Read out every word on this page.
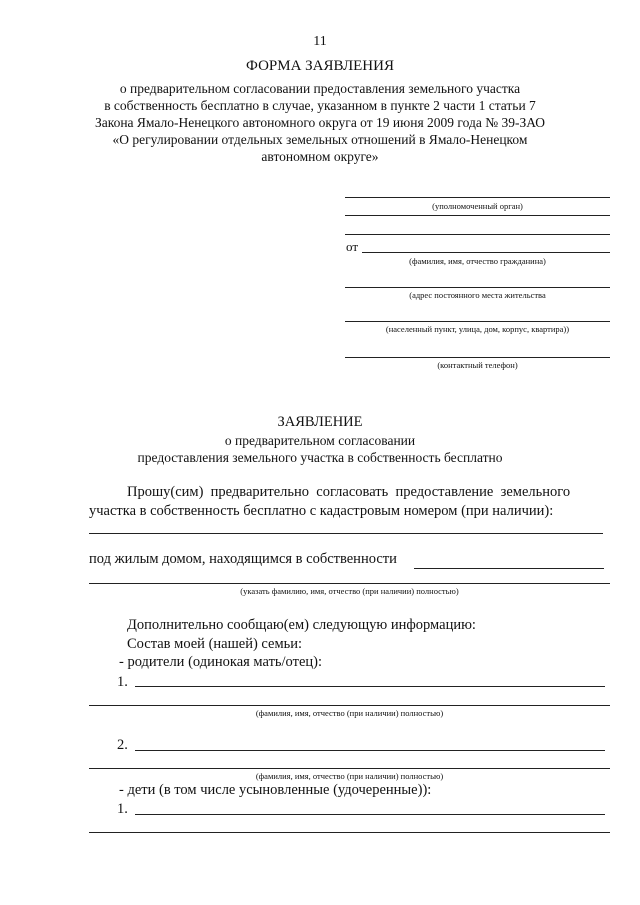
11
ФОРМА ЗАЯВЛЕНИЯ
о предварительном согласовании предоставления земельного участка
в собственность бесплатно в случае, указанном в пункте 2 части 1 статьи 7
Закона Ямало-Ненецкого автономного округа от 19 июня 2009 года № 39-ЗАО
«О регулировании отдельных земельных отношений в Ямало-Ненецком
автономном округе»
(уполномоченный орган)
от
(фамилия, имя, отчество гражданина)
(адрес постоянного места жительства
(населенный пункт, улица, дом, корпус, квартира))
(контактный телефон)
ЗАЯВЛЕНИЕ
о предварительном согласовании
предоставления земельного участка в собственность бесплатно
Прошу(сим)  предварительно  согласовать  предоставление  земельного
участка в собственность бесплатно с кадастровым номером (при наличии):
под жилым домом, находящимся в собственности
(указать фамилию, имя, отчество (при наличии) полностью)
Дополнительно сообщаю(ем) следующую информацию:
Состав моей (нашей) семьи:
- родители (одинокая мать/отец):
1.
(фамилия, имя, отчество (при наличии) полностью)
2.
(фамилия, имя, отчество (при наличии) полностью)
- дети (в том числе усыновленные (удочеренные)):
1.
